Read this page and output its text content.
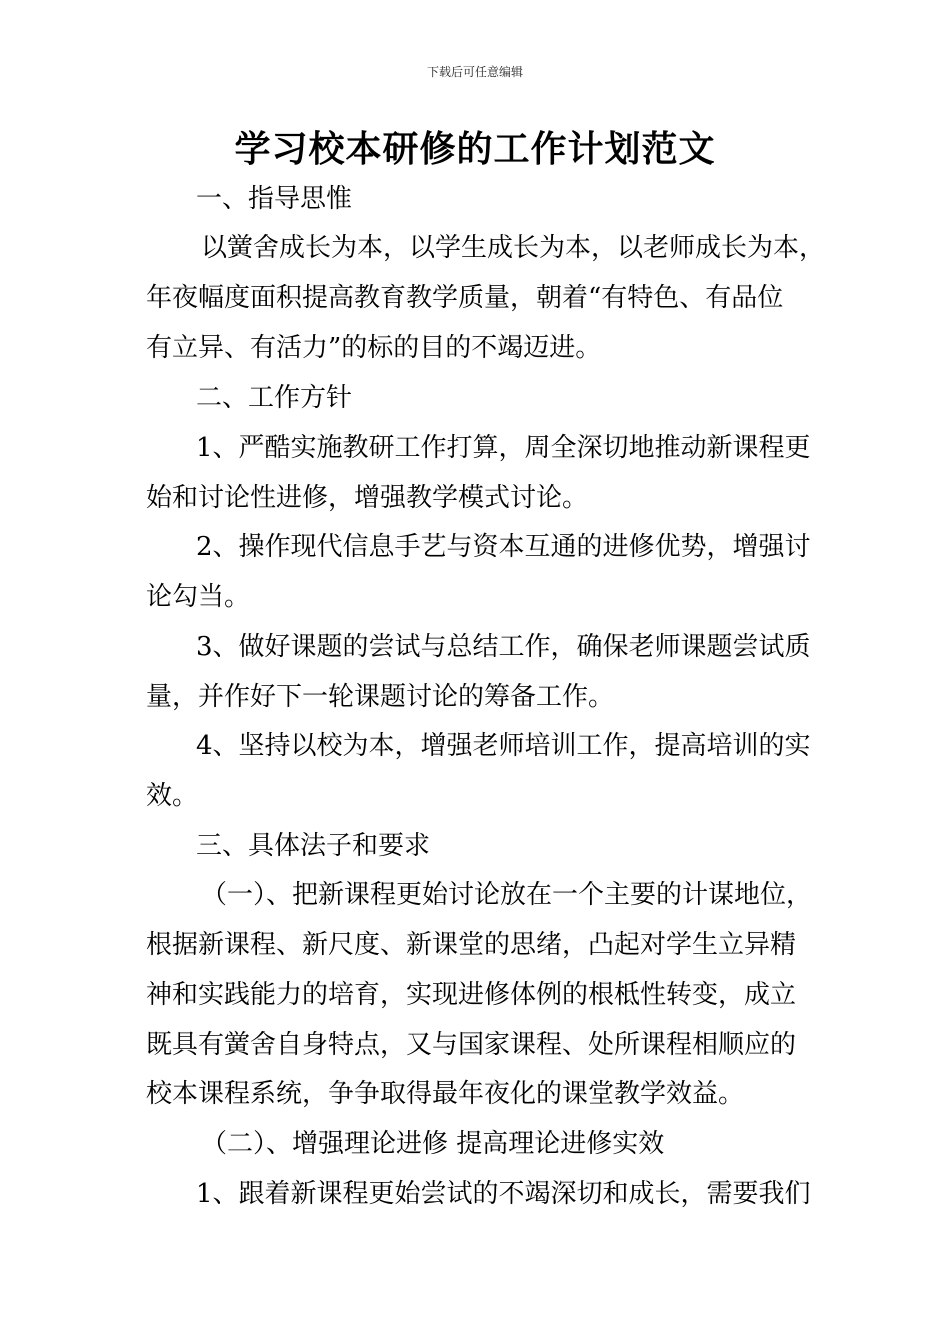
下载后可任意编辑
学习校本研修的工作计划范文
一、指导思惟
以黉舍成长为本，以学生成长为本，以老师成长为本，
年夜幅度面积提高教育教学质量，朝着“有特色、有品位
有立异、有活力”的标的目的不竭迈进。
二、工作方针
1、严酷实施教研工作打算，周全深切地推动新课程更
始和讨论性进修，增强教学模式讨论。
2、操作现代信息手艺与资本互通的进修优势，增强讨
论勾当。
3、做好课题的尝试与总结工作，确保老师课题尝试质
量，并作好下一轮课题讨论的筹备工作。
4、坚持以校为本，增强老师培训工作，提高培训的实
效。
三、具体法子和要求
（一）、把新课程更始讨论放在一个主要的计谋地位，
根据新课程、新尺度、新课堂的思绪，凸起对学生立异精
神和实践能力的培育，实现进修体例的根柢性转变，成立
既具有黉舍自身特点，又与国家课程、处所课程相顺应的
校本课程系统，争争取得最年夜化的课堂教学效益。
（二）、增强理论进修 提高理论进修实效
1、跟着新课程更始尝试的不竭深切和成长，需要我们
